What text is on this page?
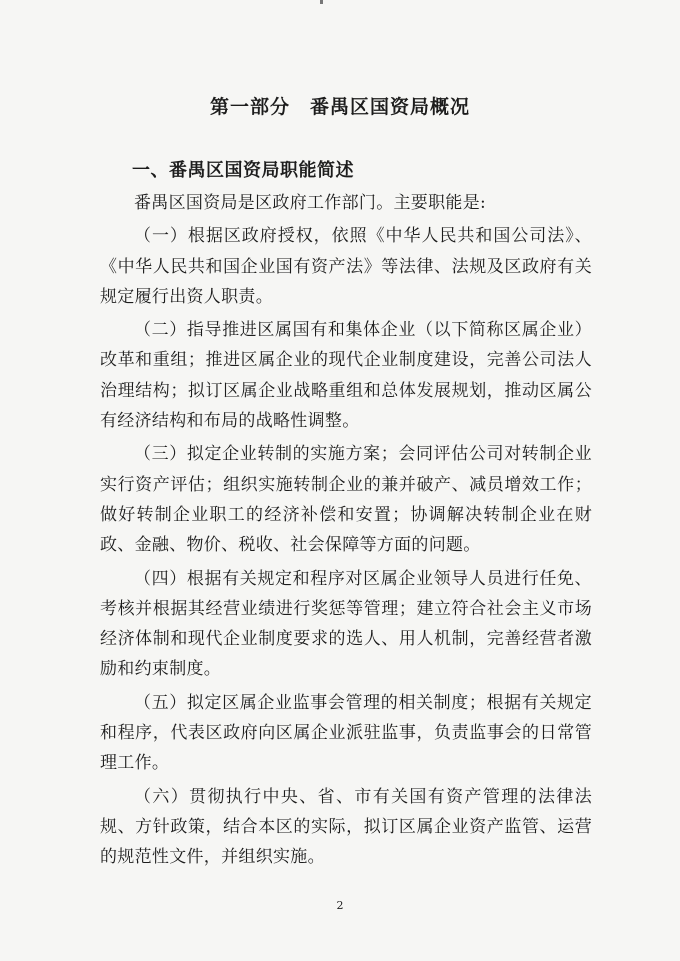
第一部分　番禺区国资局概况
一、番禺区国资局职能简述

番禺区国资局是区政府工作部门。主要职能是:

（一）根据区政府授权，依照《中华人民共和国公司法》、《中华人民共和国企业国有资产法》等法律、法规及区政府有关规定履行出资人职责。

（二）指导推进区属国有和集体企业（以下简称区属企业）改革和重组；推进区属企业的现代企业制度建设，完善公司法人治理结构；拟订区属企业战略重组和总体发展规划，推动区属公有经济结构和布局的战略性调整。

（三）拟定企业转制的实施方案；会同评估公司对转制企业实行资产评估；组织实施转制企业的兼并破产、减员增效工作；做好转制企业职工的经济补偿和安置；协调解决转制企业在财政、金融、物价、税收、社会保障等方面的问题。

（四）根据有关规定和程序对区属企业领导人员进行任免、考核并根据其经营业绩进行奖惩等管理；建立符合社会主义市场经济体制和现代企业制度要求的选人、用人机制，完善经营者激励和约束制度。

（五）拟定区属企业监事会管理的相关制度；根据有关规定和程序，代表区政府向区属企业派驻监事，负责监事会的日常管理工作。

（六）贯彻执行中央、省、市有关国有资产管理的法律法规、方针政策，结合本区的实际，拟订区属企业资产监管、运营的规范性文件，并组织实施。

2
